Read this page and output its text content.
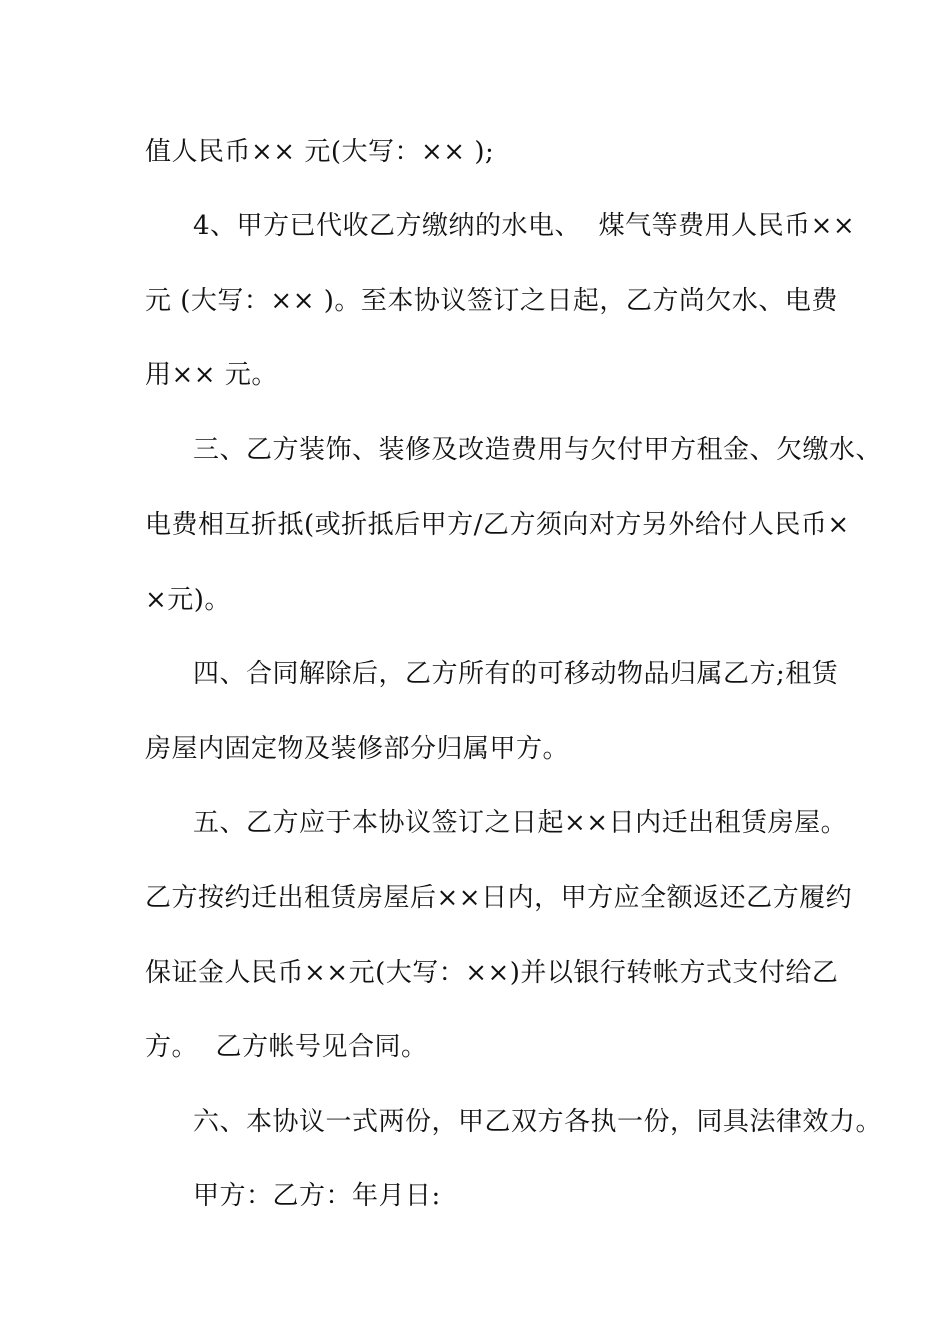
值人民币×× 元(大写：×× );
4、甲方已代收乙方缴纳的水电、  煤气等费用人民币××
元 (大写：×× )。至本协议签订之日起，乙方尚欠水、电费
用×× 元。
三、乙方装饰、装修及改造费用与欠付甲方租金、欠缴水、
电费相互折抵(或折抵后甲方/乙方须向对方另外给付人民币×
×元)。
四、合同解除后，乙方所有的可移动物品归属乙方;租赁
房屋内固定物及装修部分归属甲方。
五、乙方应于本协议签订之日起××日内迁出租赁房屋。
乙方按约迁出租赁房屋后××日内，甲方应全额返还乙方履约
保证金人民币××元(大写：××)并以银行转帐方式支付给乙
方。  乙方帐号见合同。
六、本协议一式两份，甲乙双方各执一份，同具法律效力。
甲方：乙方：年月日:
